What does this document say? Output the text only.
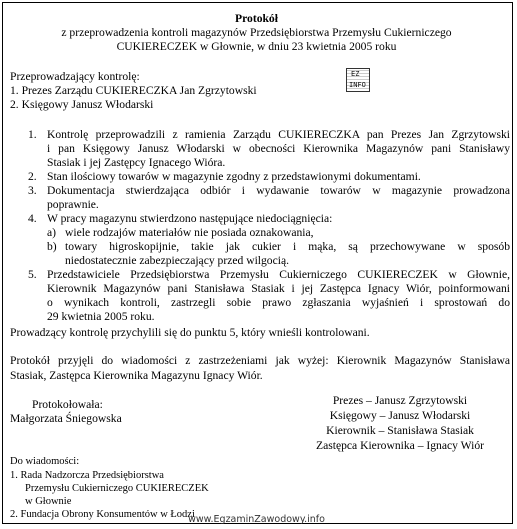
Protokół
z przeprowadzenia kontroli magazynów Przedsiębiorstwa Przemysłu Cukierniczego
CUKIERECZEK w Głownie, w dniu 23 kwietnia 2005 roku
Przeprowadzający kontrolę:
1. Prezes Zarządu CUKIERECZKA Jan Zgrzytowski
2. Księgowy Janusz Włodarski
EZ
INFO
1. Kontrolę przeprowadzili z ramienia Zarządu CUKIERECZKA pan Prezes Jan Zgrzytowski
i pan Księgowy Janusz Włodarski w obecności Kierownika Magazynów pani Stanisławy
Stasiak i jej Zastępcy Ignacego Wióra.
2. Stan ilościowy towarów w magazynie zgodny z przedstawionymi dokumentami.
3. Dokumentacja stwierdzająca odbiór i wydawanie towarów w magazynie prowadzona
poprawnie.
4. W pracy magazynu stwierdzono następujące niedociągnięcia:
a) wiele rodzajów materiałów nie posiada oznakowania,
b) towary higroskopijnie, takie jak cukier i mąka, są przechowywane w sposób
niedostatecznie zabezpieczający przed wilgocią.
5. Przedstawiciele Przedsiębiorstwa Przemysłu Cukierniczego CUKIERECZEK w Głownie,
Kierownik Magazynów pani Stanisława Stasiak i jej Zastępca Ignacy Wiór, poinformowani
o wynikach kontroli, zastrzegli sobie prawo zgłaszania wyjaśnień i sprostowań do
29 kwietnia 2005 roku.
Prowadzący kontrolę przychylili się do punktu 5, który wnieśli kontrolowani.
Protokół przyjęli do wiadomości z zastrzeżeniami jak wyżej: Kierownik Magazynów Stanisława
Stasiak, Zastępca Kierownika Magazynu Ignacy Wiór.
Protokołowała:
Małgorzata Śniegowska
Prezes – Janusz Zgrzytowski
Księgowy – Janusz Włodarski
Kierownik – Stanisława Stasiak
Zastępca Kierownika – Ignacy Wiór
Do wiadomości:
1. Rada Nadzorcza Przedsiębiorstwa
Przemysłu Cukierniczego CUKIERECZEK
w Głownie
2. Fundacja Obrony Konsumentów w Łodzi
www.EgzaminZawodowy.info
